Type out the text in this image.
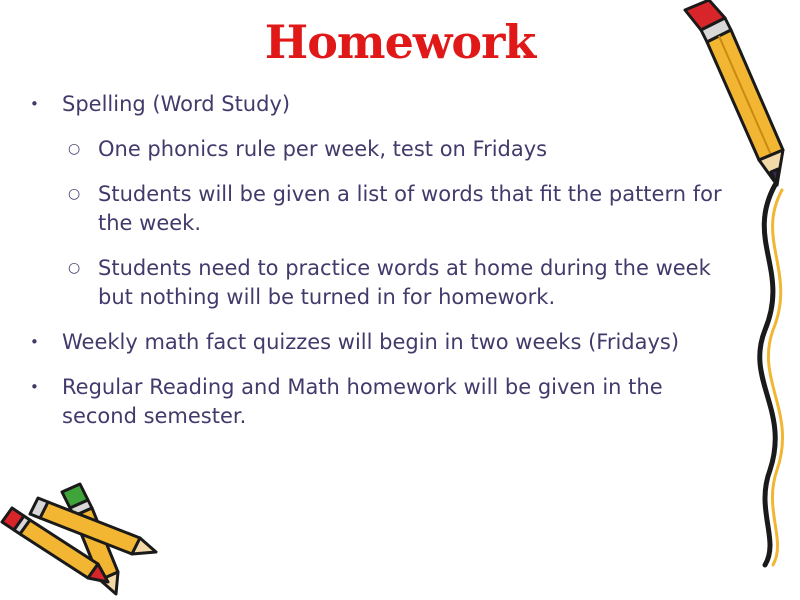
Homework
•	Spelling (Word Study)
○ One phonics rule per week, test on Fridays
○ Students will be given a list of words that fit the pattern for the week.
○ Students need to practice words at home during the week but nothing will be turned in for homework.
•	Weekly math fact quizzes will begin in two weeks (Fridays)
•	Regular Reading and Math homework will be given in the second semester.
